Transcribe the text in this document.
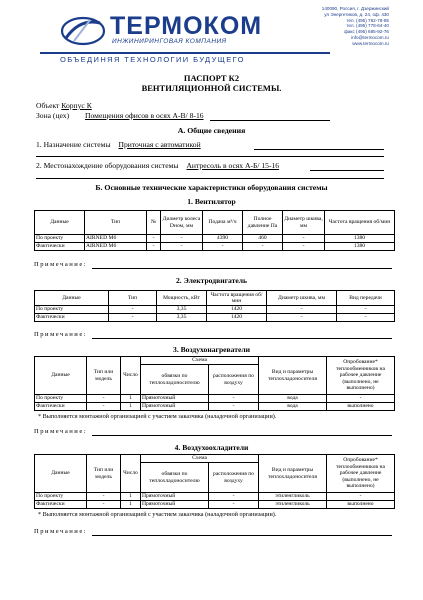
ТЕРМОКОМ
ИНЖИНИРИНГОВАЯ КОМПАНИЯ
ОБЪЕДИНЯЯ ТЕХНОЛОГИИ БУДУЩЕГО
140090, Россия, г. Дзержинский
ул Энергетиков, д. 24, оф. 430
тел. (495) 782-78-85
тел. (495) 778-64-40
факс (495) 685-92-76
info@termocom.ru
www.termocom.ru
ПАСПОРТ К2
ВЕНТИЛЯЦИОННОЙ СИСТЕМЫ.
Объект Корпус К
Зона (цех) Помещения офисов в осях А-В/ 8-16
А. Общие сведения
1. Назначение системы Приточная с автоматикой
2. Местонахождение оборудования системы Антресоль в осях А-Б/ 15-16
Б. Основные технические характеристики оборудования системы
1. Вентилятор
Данные	Тип	№	Диаметр колеса Dном, мм	Подача м³/ч	Полное давление Па	Диаметр шкива, мм	Частота вращения об/мин
По проекту	AIRNED M6	-	-	4390	460	-	1380
Фактически	AIRNED M6	-	-	-	-	-	1380
Примечание:
2. Электродвигатель
Данные	Тип	Мощность, кВт	Частота вращения об/мин	Диаметр шкива, мм	Вид передачи
По проекту	-	3,35	1420	-	-
Фактически	-	3,35	1420	-	-
Примечание:
3. Воздухонагреватели
Данные	Тип или модель	Число	Схема		Вид и параметры теплохладоносителя	Опробование* теплообменников на рабочее давление (выполнено, не выполнено)
			обвязки по теплохладоносителю	расположения по воздуху		
По проекту	-	1	Прямоточный	-	вода	-
Фактически	-	1	Прямоточный	-	вода	выполнено
* Выполняется монтажной организацией с участием заказчика (наладочной организации).
Примечание:
4. Воздухоохладители
Данные	Тип или модель	Число	Схема		Вид и параметры теплохладоносителя	Опробование* теплообменников на рабочее давление (выполнено, не выполнено)
			обвязки по теплохладоносителю	расположения по воздуху		
По проекту	-	1	Прямоточный	-	этиленгликоль	-
Фактически	-	1	Прямоточный	-	этиленгликоль	выполнено
* Выполняется монтажной организацией с участием заказчика (наладочной организации).
Примечание:
